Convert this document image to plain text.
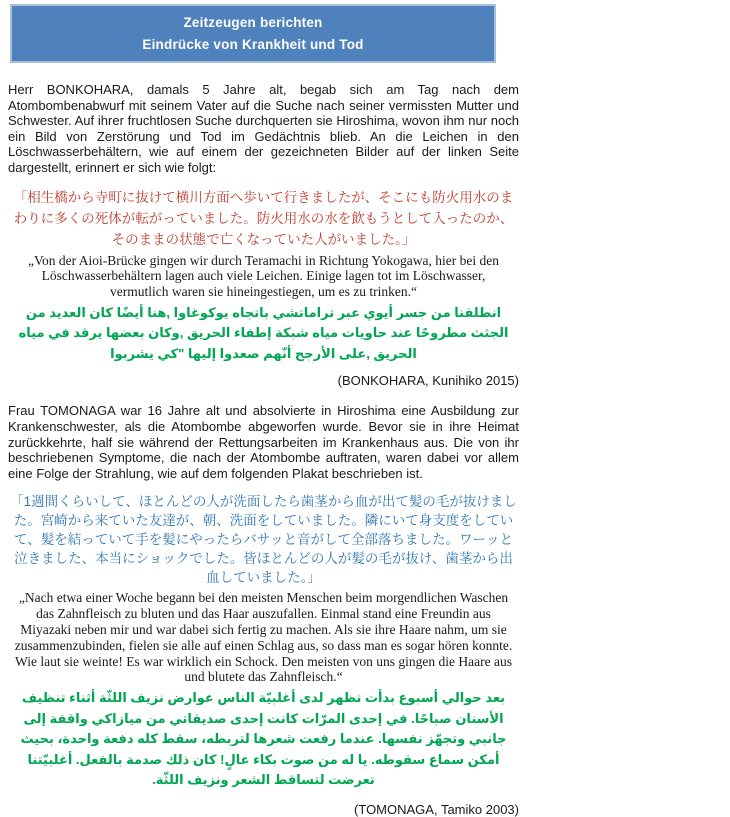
Zeitzeugen berichten
Eindrücke von Krankheit und Tod

Herr BONKOHARA, damals 5 Jahre alt, begab sich am Tag nach dem Atombombenabwurf mit seinem Vater auf die Suche nach seiner vermissten Mutter und Schwester. Auf ihrer fruchtlosen Suche durchquerten sie Hiroshima, wovon ihm nur noch ein Bild von Zerstörung und Tod im Gedächtnis blieb. An die Leichen in den Löschwasserbehältern, wie auf einem der gezeichneten Bilder auf der linken Seite dargestellt, erinnert er sich wie folgt:

「相生橋から寺町に抜けて横川方面へ歩いて行きましたが、そこにも防火用水のまわりに多くの死体が転がっていました。防火用水の水を飲もうとして入ったのか、そのままの状態で亡くなっていた人がいました。」

„Von der Aioi-Brücke gingen wir durch Teramachi in Richtung Yokogawa, hier bei den Löschwasserbehältern lagen auch viele Leichen. Einige lagen tot im Löschwasser, vermutlich waren sie hineingestiegen, um es zu trinken.“

انطلقنا من جسر أيوي عبر تراماتشي باتجاه يوكوغاوا ,هنا أيضًا كان العديد من الجثث مطروحًا عند حاويات مياه شبكة إطفاء الحريق ,وكان بعضها يرقد في مياه الحريق ,على الأرجح أنّهم صعدوا إليها "كي يشربوا

(BONKOHARA, Kunihiko 2015)

Frau TOMONAGA war 16 Jahre alt und absolvierte in Hiroshima eine Ausbildung zur Krankenschwester, als die Atombombe abgeworfen wurde. Bevor sie in ihre Heimat zurückkehrte, half sie während der Rettungsarbeiten im Krankenhaus aus. Die von ihr beschriebenen Symptome, die nach der Atombombe auftraten, waren dabei vor allem eine Folge der Strahlung, wie auf dem folgenden Plakat beschrieben ist.

「1週間くらいして、ほとんどの人が洗面したら歯茎から血が出て髪の毛が抜けました。宮崎から来ていた友達が、朝、洗面をしていました。隣にいて身支度をしていて、髪を結っていて手を髪にやったらバサッと音がして全部落ちました。ワーッと泣きました、本当にショックでした。皆ほとんどの人が髪の毛が抜け、歯茎から出血していました。」

„Nach etwa einer Woche begann bei den meisten Menschen beim morgendlichen Waschen das Zahnfleisch zu bluten und das Haar auszufallen. Einmal stand eine Freundin aus Miyazaki neben mir und war dabei sich fertig zu machen. Als sie ihre Haare nahm, um sie zusammenzubinden, fielen sie alle auf einen Schlag aus, so dass man es sogar hören konnte. Wie laut sie weinte! Es war wirklich ein Schock. Den meisten von uns gingen die Haare aus und blutete das Zahnfleisch.“

بعد حوالي أسبوع بدأت تظهر لدى أغلبيّة الناس عوارض نزيف اللثّة أثناء تنظيف الأسنان صباحًا. في إحدى المرّات كانت إحدى صديقاتي من ميازاكي واقفة إلى جانبي وتجهّز نفسها. عندما رفعت شعرها لتربطه، سقط كله دفعة واحدة، بحيث أمكن سماع سقوطه. يا له من صوت بكاء عالٍ! كان ذلك صدمة بالفعل. أغلبيّتنا تعرضت لتساقط الشعر ونزيف اللثّة.

(TOMONAGA, Tamiko 2003)
